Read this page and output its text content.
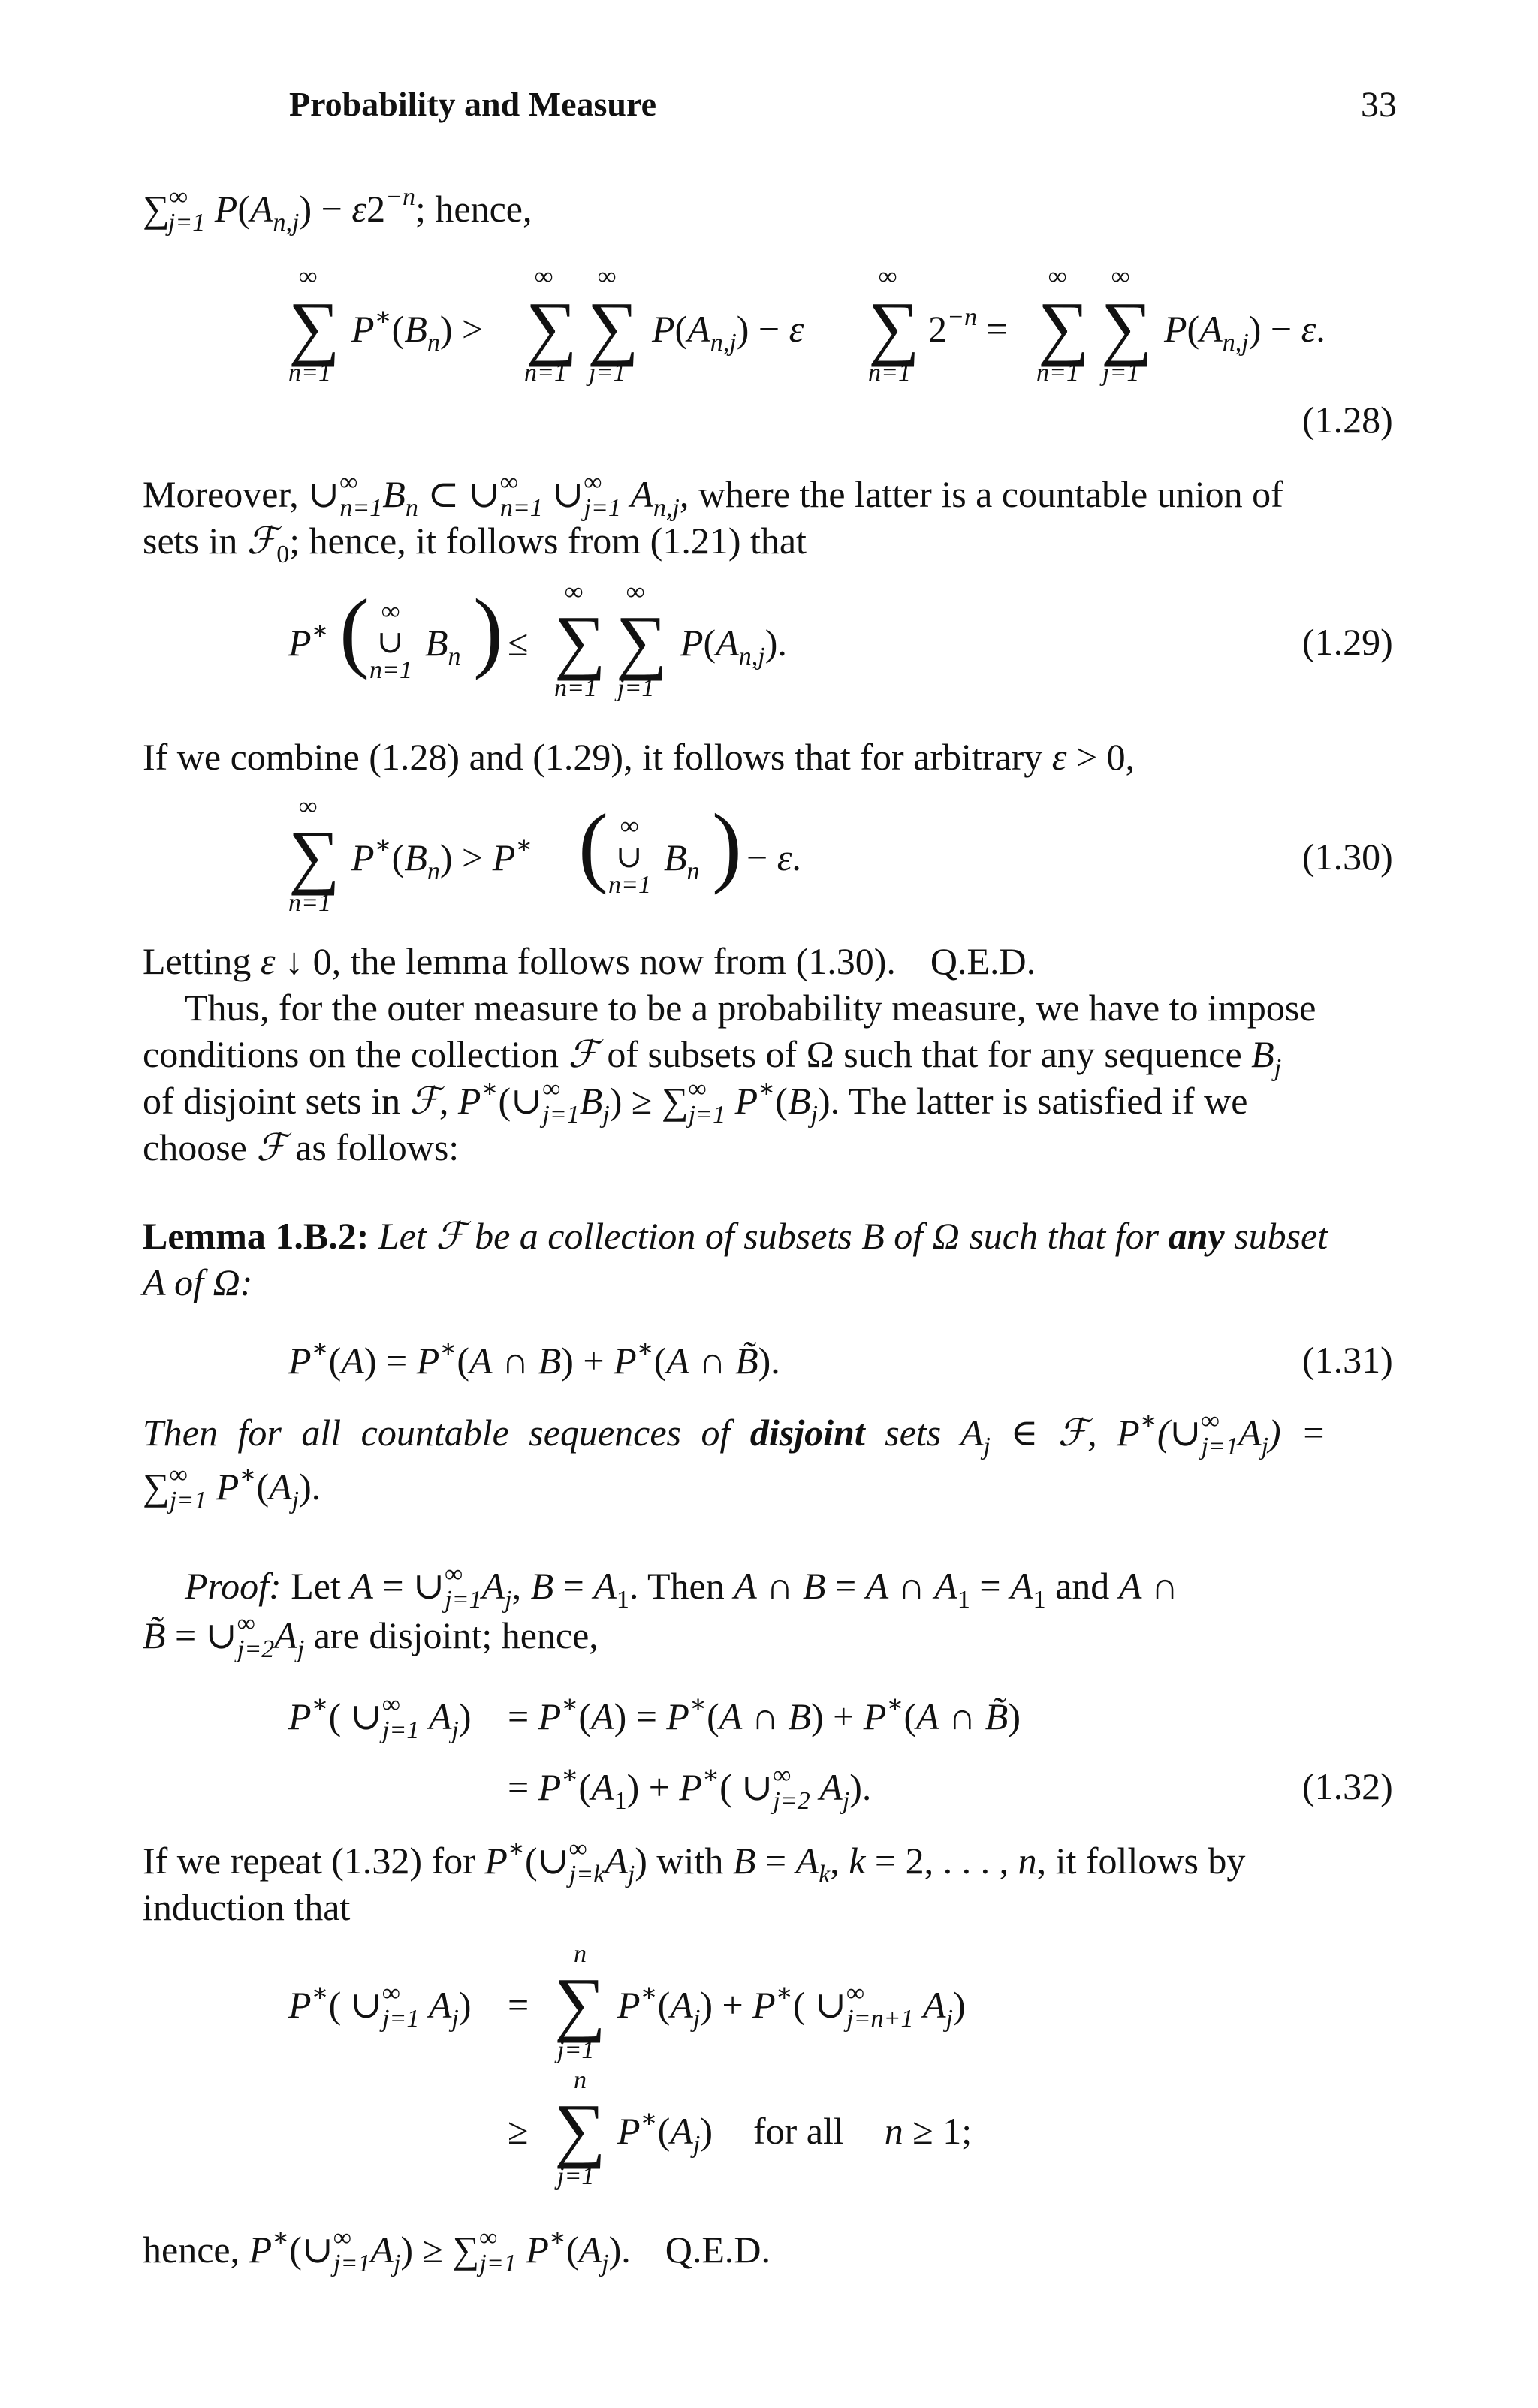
Probability and Measure	33
$\sum^\infty_{j=1}$ $P(A_{n,j}) - \varepsilon 2^{-n}$; hence,
∑
∞
n=1
$P^∗(B_n)$ > ∑
∞
n=1
∑
∞
j=1
$P(A_{n,j}) - \varepsilon$ ∑
∞
n=1
$2^{-n}$ = ∑
∞
n=1
∑
∞
j=1
$P(A_{n,j}) - \varepsilon$.
(1.28)
Moreover, $\cup^\infty_{n=1}B_n$ ⊂ $\cup^\infty_{n=1}$ $\cup^\infty_{j=1}$ $A_{n,j}$, where the latter is a countable union of
sets in ℱ$_0$; hence, it follows from (1.21) that
P∗ ( ∞
∪
n=1
$B_n$ ) ≤ ∑
∞
n=1
∑
∞
j=1
$P(A_{n,j})$.	(1.29)
If we combine (1.28) and (1.29), it follows that for arbitrary ε > 0,
∑
∞
n=1
$P^∗(B_n) > P^∗$ ( ∞
∪
n=1
$B_n$ ) − ε.	(1.30)
Letting ε ↓ 0, the lemma follows now from (1.30). Q.E.D.
Thus, for the outer measure to be a probability measure, we have to impose
conditions on the collection ℱ of subsets of Ω such that for any sequence $B_j$
of disjoint sets in ℱ, $P^∗(\cup^\infty_{j=1}B_j) \ge \sum^\infty_{j=1}$ $P^∗(B_j)$. The latter is satisfied if we
choose ℱ as follows:
Lemma 1.B.2: Let ℱ be a collection of subsets B of Ω such that for any subset
A of Ω:
P∗(A) = P∗(A ∩ B) + P∗(A ∩ B̃).	(1.31)
Then for all countable sequences of disjoint sets $A_j$ ∈ ℱ, $P^∗(\cup^\infty_{j=1}A_j)$ =
$\sum^\infty_{j=1}$ $P^∗(A_j)$.
Proof: Let $A = \cup^\infty_{j=1}A_j$, $B = A_1$. Then A ∩ B = A ∩ $A_1 = A_1$ and A ∩
B̃ = $\cup^\infty_{j=2}A_j$ are disjoint; hence,
P∗( $\cup^\infty_{j=1}$ $A_j) = P^∗(A) = P^∗(A$ ∩ B) + P∗(A ∩ B̃)
= $P^∗(A_1) + P^∗$( $\cup^\infty_{j=2}$ $A_j$).	(1.32)
If we repeat (1.32) for $P^∗(\cup^\infty_{j=k}A_j)$ with $B = A_k$, k = 2, . . . , n, it follows by
induction that
P∗( $\cup^\infty_{j=1}$ $A_j$) = ∑
n
j=1
$P^∗(A_j) + P^∗$( $\cup^\infty_{j=n+1}$ $A_j$)
≥ ∑
n
j=1
$P^∗(A_j)$ for all n ≥ 1;
hence, $P^∗(\cup^\infty_{j=1}A_j) \ge \sum^\infty_{j=1}$ $P^∗(A_j)$. Q.E.D.
